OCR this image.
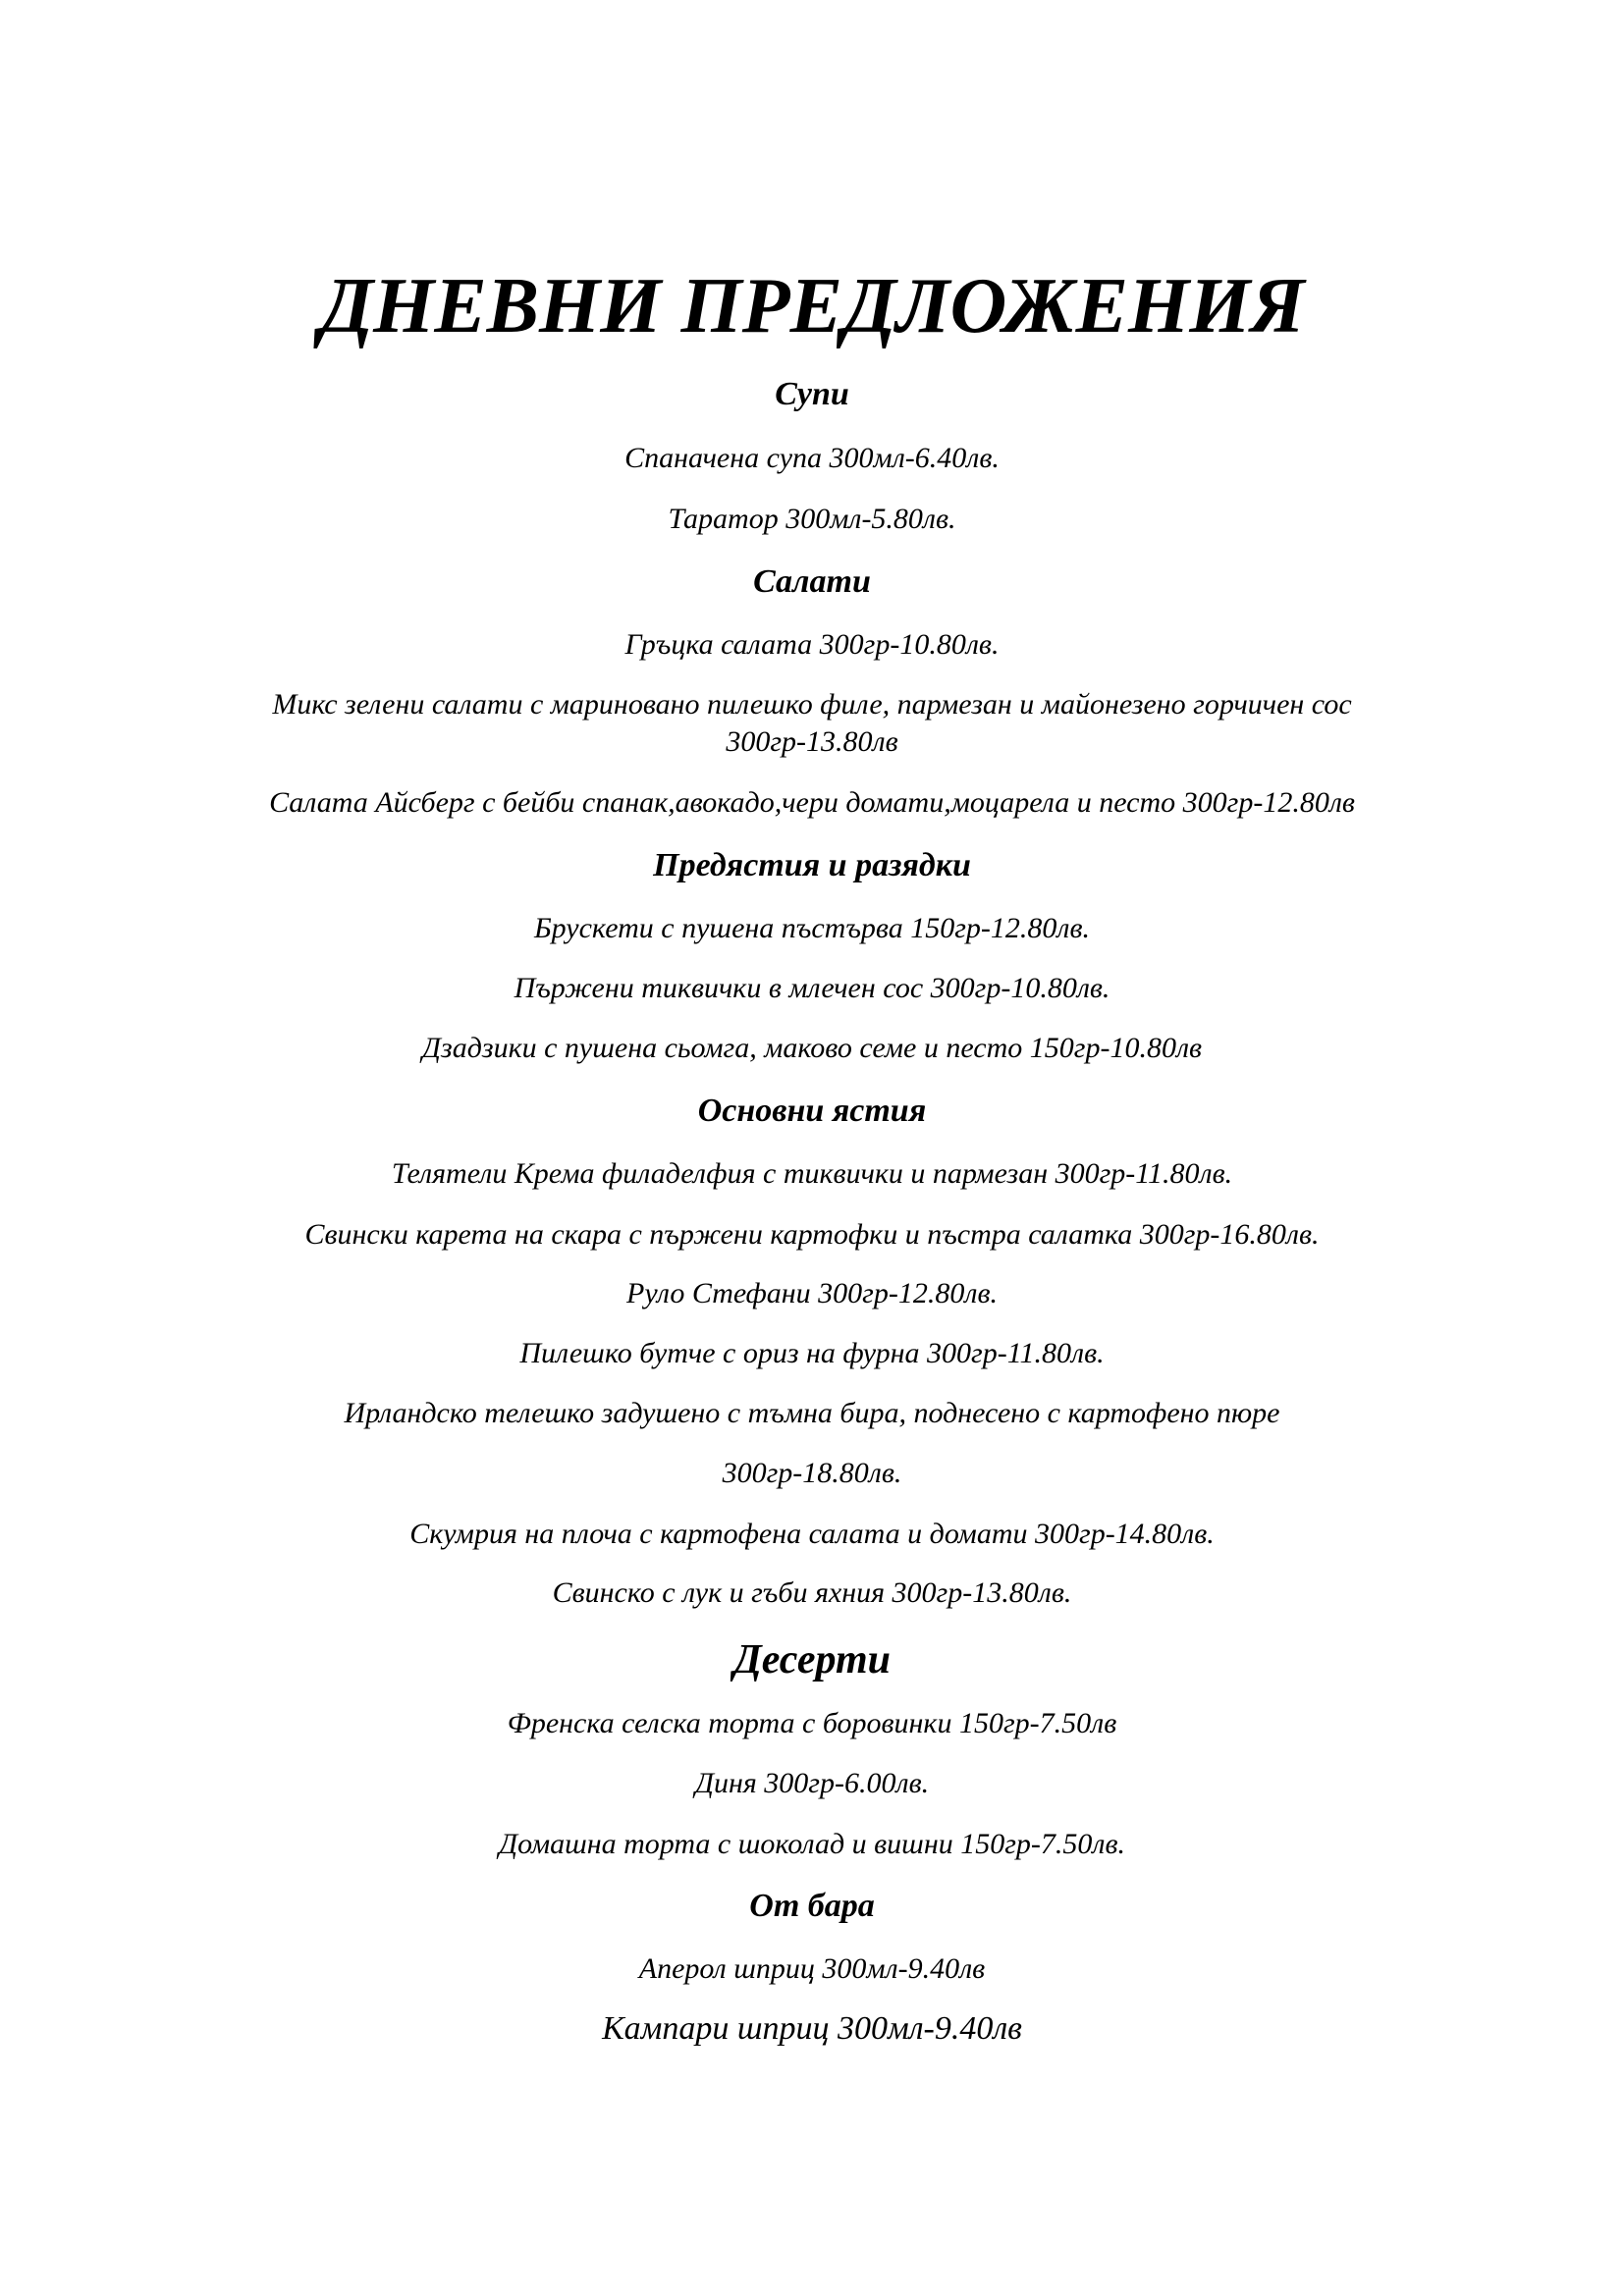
ДНЕВНИ ПРЕДЛОЖЕНИЯ
Супи
Спаначена супа 300мл-6.40лв.
Таратор 300мл-5.80лв.
Салати
Гръцка салата 300гр-10.80лв.
Микс зелени салати с мариновано пилешко филе, пармезан и майонезено горчичен сос
300гр-13.80лв
Салата Айсберг с бейби спанак,авокадо,чери домати,моцарела и песто 300гр-12.80лв
Предястия и разядки
Брускети с пушена пъстърва 150гр-12.80лв.
Пържени тиквички в млечен сос 300гр-10.80лв.
Дзадзики с пушена сьомга, маково семе и песто 150гр-10.80лв
Основни ястия
Телятели Крема филаделфия с тиквички и пармезан 300гр-11.80лв.
Свински карета на скара с пържени картофки и пъстра салатка 300гр-16.80лв.
Руло Стефани 300гр-12.80лв.
Пилешко бутче с ориз на фурна 300гр-11.80лв.
Ирландско телешко задушено с тъмна бира, поднесено с картофено пюре
300гр-18.80лв.
Скумрия на плоча с картофена салата и домати 300гр-14.80лв.
Свинско с лук и гъби яхния 300гр-13.80лв.
Десерти
Френска селска торта с боровинки 150гр-7.50лв
Диня 300гр-6.00лв.
Домашна торта с шоколад и вишни 150гр-7.50лв.
От бара
Аперол шприц 300мл-9.40лв
Кампари шприц 300мл-9.40лв
